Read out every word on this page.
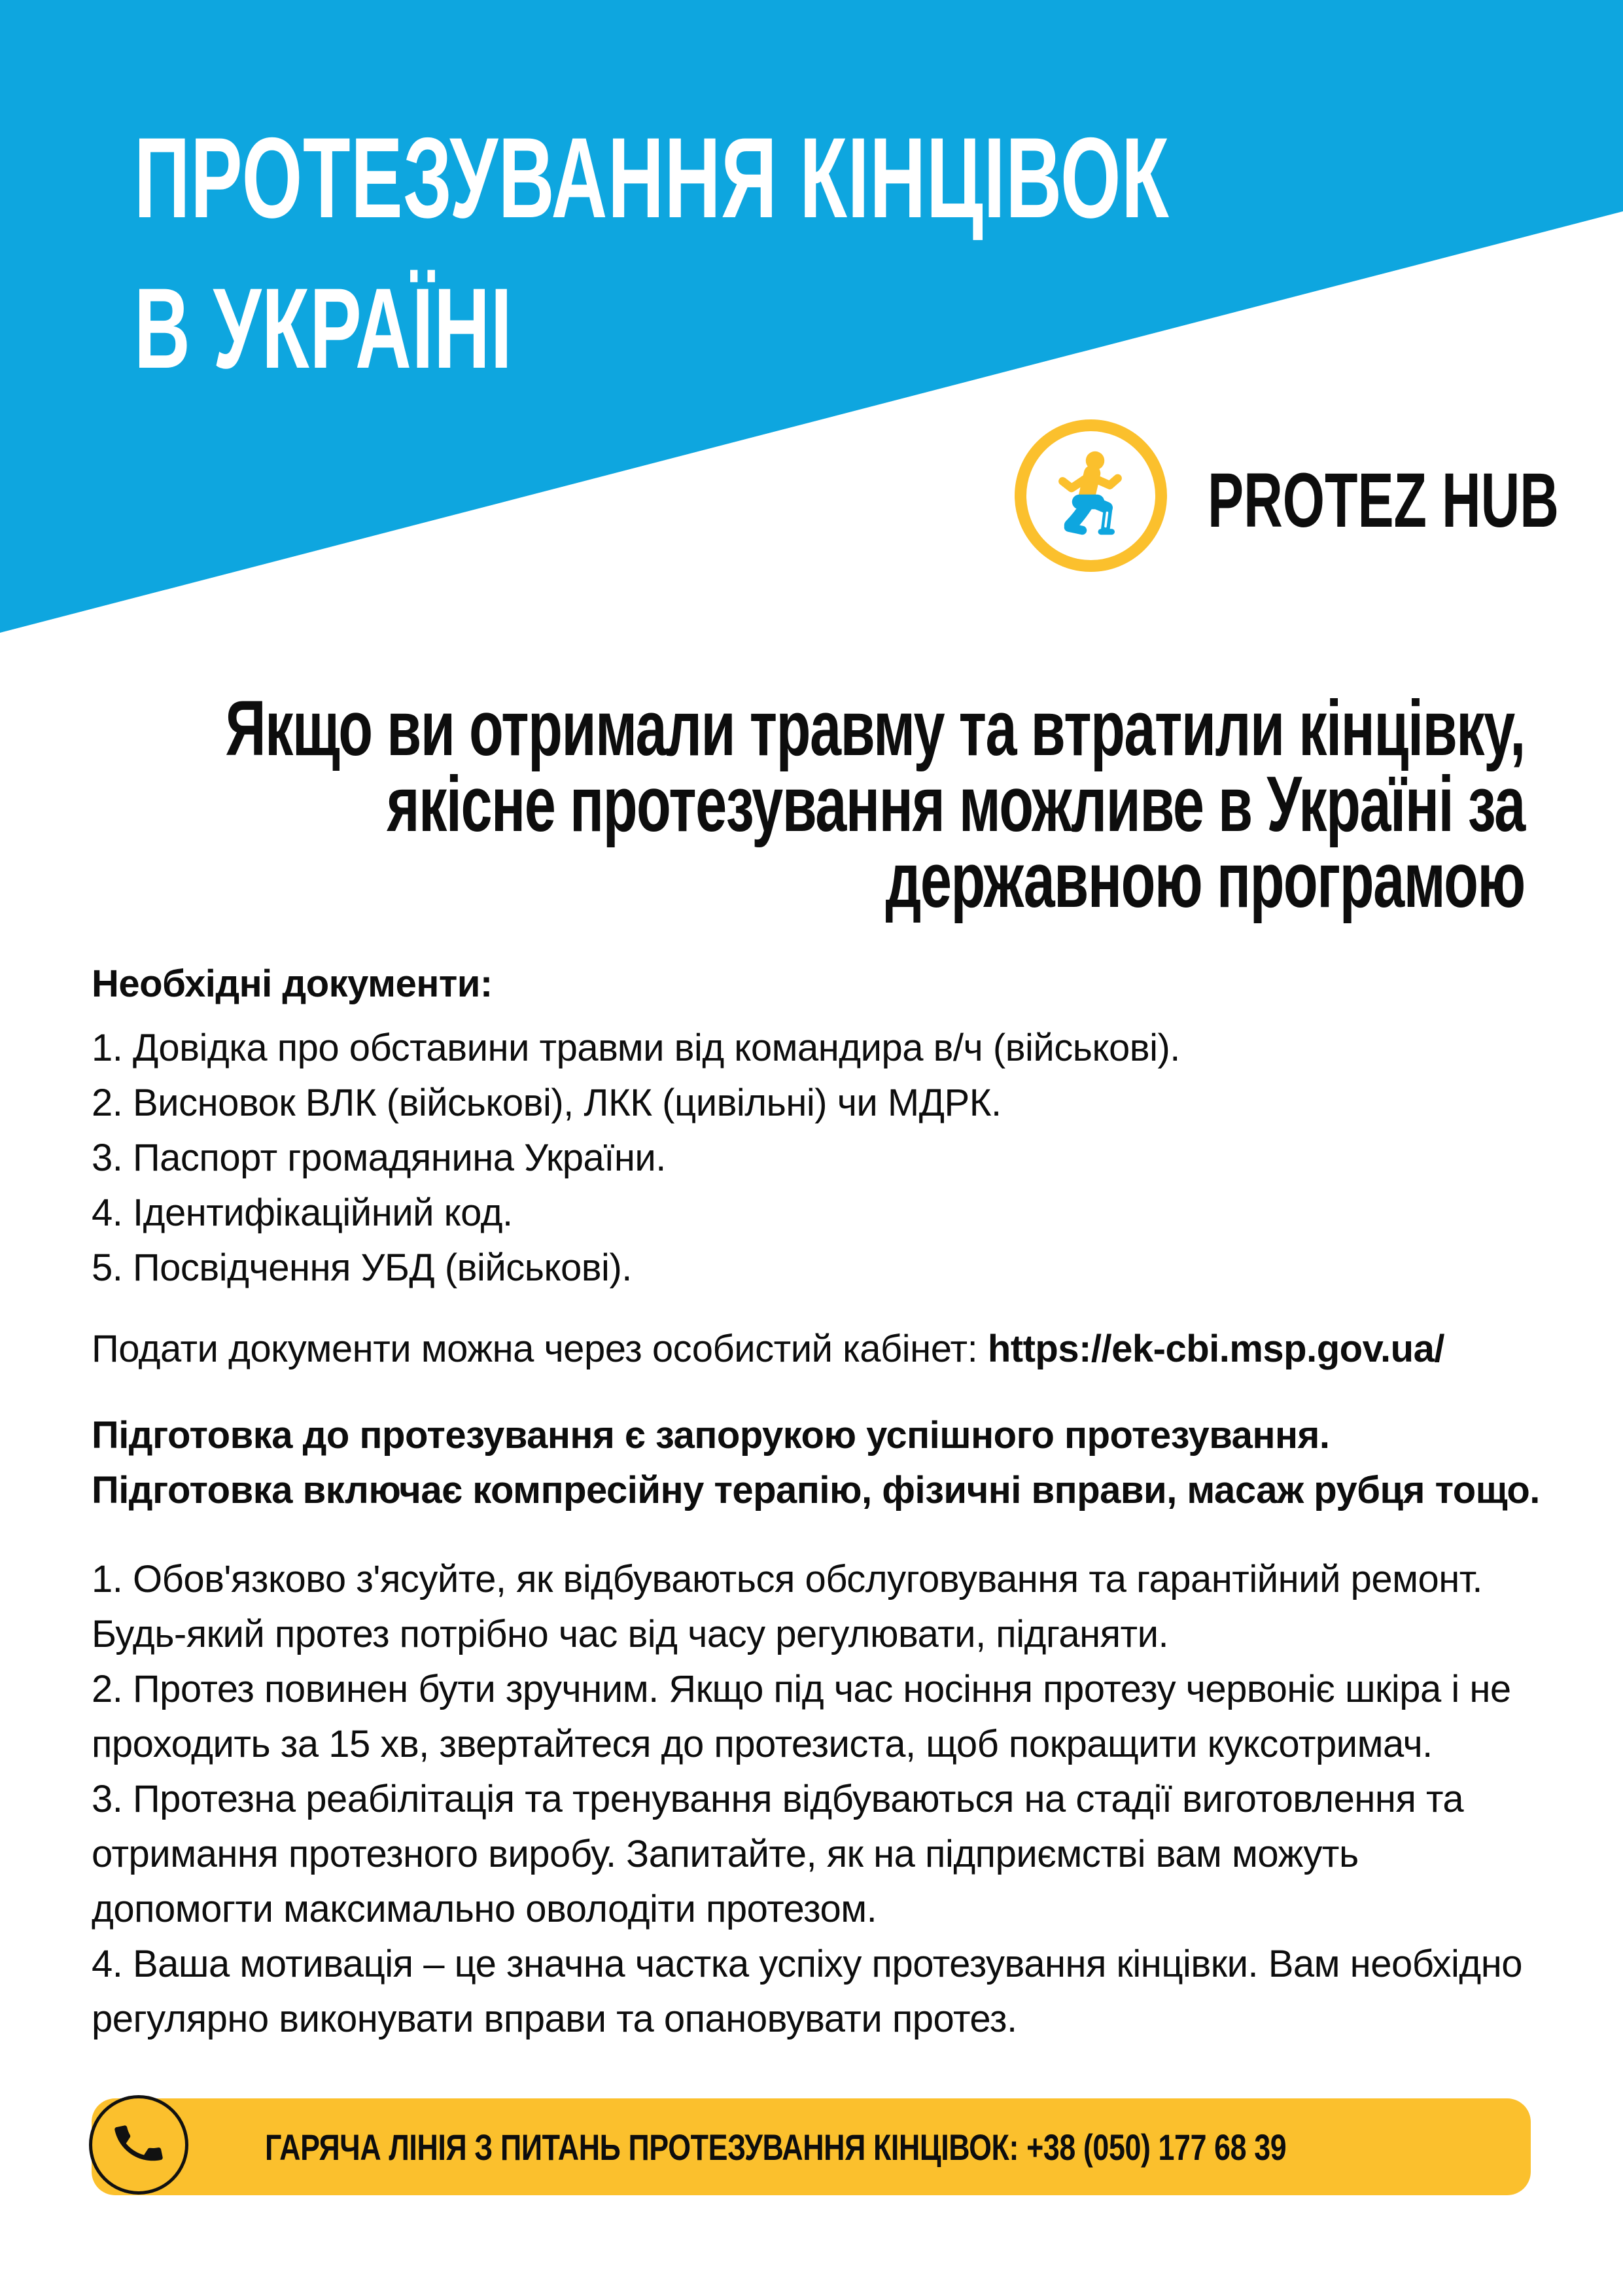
ПРОТЕЗУВАННЯ КІНЦІВОК
В УКРАЇНІ
PROTEZ HUB
Якщо ви отримали травму та втратили кінцівку,
якісне протезування можливе в Україні за
державною програмою
Необхідні документи:
1. Довідка про обставини травми від командира в/ч (військові).
2. Висновок ВЛК (військові), ЛКК (цивільні) чи МДРК.
3. Паспорт громадянина України.
4. Ідентифікаційний код.
5. Посвідчення УБД (військові).
Подати документи можна через особистий кабінет: https://ek-cbi.msp.gov.ua/
Підготовка до протезування є запорукою успішного протезування.
Підготовка включає компресійну терапію, фізичні вправи, масаж рубця тощо.

1. Обов'язково з'ясуйте, як відбуваються обслуговування та гарантійний ремонт. Будь-який протез потрібно час від часу регулювати, підганяти.

2. Протез повинен бути зручним. Якщо під час носіння протезу червоніє шкіра і не проходить за 15 хв, звертайтеся до протезиста, щоб покращити куксотримач.

3. Протезна реабілітація та тренування відбуваються на стадії виготовлення та отримання протезного виробу. Запитайте, як на підприємстві вам можуть допомогти максимально оволодіти протезом.

4. Ваша мотивація – це значна частка успіху протезування кінцівки. Вам необхідно регулярно виконувати вправи та опановувати протез.

ГАРЯЧА ЛІНІЯ З ПИТАНЬ ПРОТЕЗУВАННЯ КІНЦІВОК: +38 (050) 177 68 39
